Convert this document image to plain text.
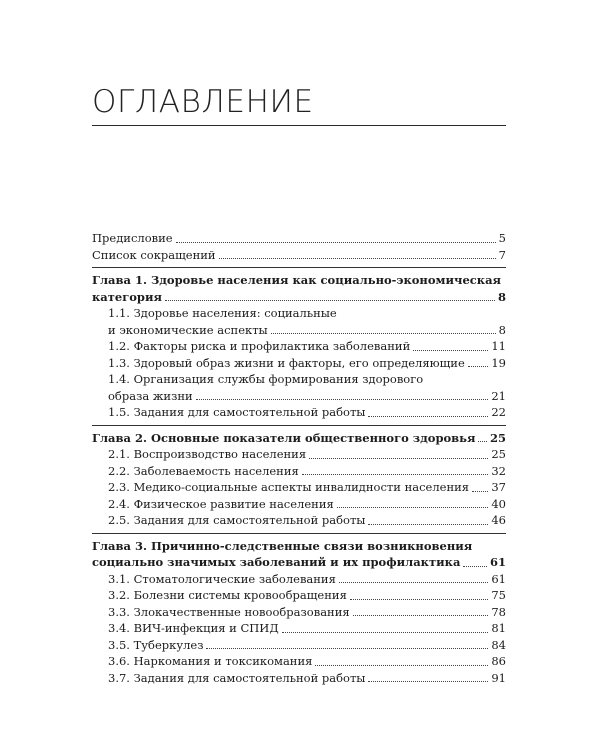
ОГЛАВЛЕНИЕ
Предисловие	5
Список сокращений	7
Глава 1. Здоровье населения как социально-экономическая
категория	8
1.1. Здоровье населения: социальные
и экономические аспекты	8
1.2. Факторы риска и профилактика заболеваний	11
1.3. Здоровый образ жизни и факторы, его определяющие 19
1.4. Организация службы формирования здорового
образа жизни	21
1.5. Задания для самостоятельной работы	22
Глава 2. Основные показатели общественного здоровья 25
2.1. Воспроизводство населения	25
2.2. Заболеваемость населения	32
2.3. Медико-социальные аспекты инвалидности населения 37
2.4. Физическое развитие населения	40
2.5. Задания для самостоятельной работы	46
Глава 3. Причинно-следственные связи возникновения
социально значимых заболеваний и их профилактика	61
3.1. Стоматологические заболевания	61
3.2. Болезни системы кровообращения	75
3.3. Злокачественные новообразования	78
3.4. ВИЧ-инфекция и СПИД	81
3.5. Туберкулез	84
3.6. Наркомания и токсикомания	86
3.7. Задания для самостоятельной работы	91
